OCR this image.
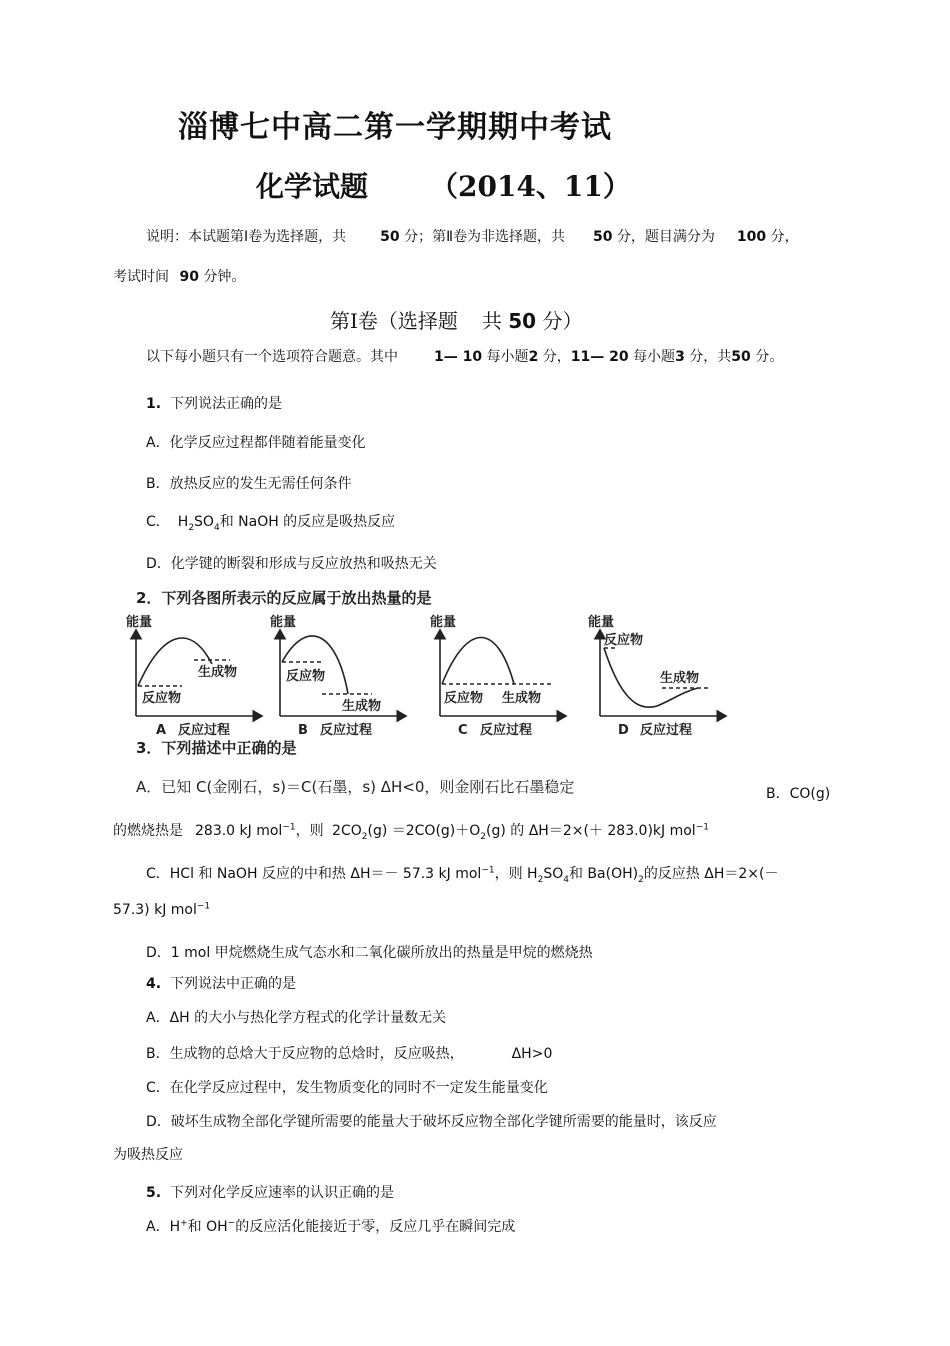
淄博七中高二第一学期期中考试
化学试题 （2014、11）
说明：本试题第Ⅰ卷为选择题，共 50 分；第Ⅱ卷为非选择题，共 50 分，题目满分为 100 分，
考试时间 90 分钟。
第Ⅰ卷（选择题 共 50 分）
以下每小题只有一个选项符合题意。其中	1— 10 每小题2 分，11— 20 每小题3 分，共50 分。
1. 下列说法正确的是
A．化学反应过程都伴随着能量变化
B．放热反应的发生无需任何条件
C． $H_2SO_4$和 NaOH 的反应是吸热反应
D．化学键的断裂和形成与反应放热和吸热无关
2．下列各图所表示的反应属于放出热量的是
能量
反应物
生成物
A 反应过程
能量
反应物
生成物
B 反应过程
能量
反应物 生成物
C 反应过程
能量
反应物
生成物
D 反应过程
3．下列描述中正确的是
A．已知 C(金刚石，s)＝C(石墨，s) ΔH<0，则金刚石比石墨稳定	B．CO(g)
的燃烧热是 283.0 kJ mol$^{-1}$，则 $2CO_2(g) =2CO(g)+O_2(g)$ 的 ΔH＝2×(＋ 283.0)kJ mol$^{-1}$
C．HCl 和 NaOH 反应的中和热 ΔH＝－ 57.3 kJ mol$^{-1}$，则 $H_2SO_4$和 $Ba(OH)_2$的反应热 ΔH＝2×(－
57.3) kJ mol$^{-1}$
D．1 mol 甲烷燃烧生成气态水和二氧化碳所放出的热量是甲烷的燃烧热
4. 下列说法中正确的是
A．ΔH 的大小与热化学方程式的化学计量数无关
B．生成物的总焓大于反应物的总焓时，反应吸热，	ΔH>0
C．在化学反应过程中，发生物质变化的同时不一定发生能量变化
D．破坏生成物全部化学键所需要的能量大于破坏反应物全部化学键所需要的能量时，该反应
为吸热反应
5. 下列对化学反应速率的认识正确的是
A．H+和 OH−的反应活化能接近于零，反应几乎在瞬间完成
